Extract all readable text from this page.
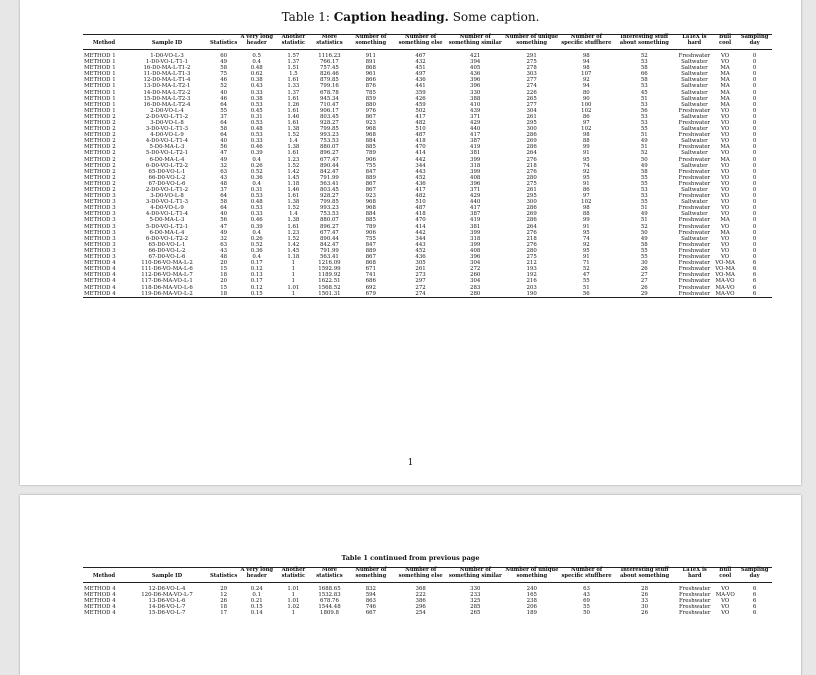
Table 1: Caption heading. Some caption.
Method	Sample ID	Statistics	A very long header	Another statistic	More statistics	Number of something	Number of something else	Number of something similar	Number of unique something	Number of specific stuffhere	Interesting stuff about something	LaTeX is hard	Bull cool	Sampling day
METHOD 1	1-D0-VO-L-3	60	0.5	1.57	1116.23	911	467	421	291	98	52	Freshwater	VO	0
METHOD 1	1-D0-VO-L-T1-1	49	0.4	1.37	766.17	891	432	394	275	94	53	Saltwater	VO	0
METHOD 1	16-D0-MA-L-T1-2	58	0.48	1.51	757.45	868	451	405	278	98	58	Saltwater	MA	0
METHOD 1	11-D0-MA-L-T1-3	75	0.62	1.5	826.46	961	497	436	303	107	66	Saltwater	MA	0
METHOD 1	12-D0-MA-L-T1-4	46	0.38	1.61	879.85	866	436	396	277	92	58	Saltwater	MA	0
METHOD 1	13-D0-MA-L-T2-1	52	0.43	1.33	799.16	876	441	396	274	94	53	Saltwater	MA	0
METHOD 1	14-D0-MA-L-T2-2	40	0.33	1.37	678.78	785	359	330	226	80	45	Saltwater	MA	0
METHOD 1	15-D0-MA-L-T2-3	46	0.38	1.61	945.34	859	426	388	265	90	51	Saltwater	MA	0
METHOD 1	16-D0-MA-L-T2-4	64	0.53	1.26	710.47	880	459	410	277	100	53	Saltwater	MA	0
METHOD 1	2-D0-VO-L-4	55	0.45	1.61	906.17	976	502	439	304	102	56	Freshwater	VO	0
METHOD 2	2-D0-VO-L-T1-2	37	0.31	1.46	803.45	867	417	371	261	86	53	Saltwater	VO	0
METHOD 2	3-D0-VO-L-8	64	0.53	1.61	928.27	923	482	429	295	97	53	Freshwater	VO	0
METHOD 2	3-D0-VO-L-T1-3	58	0.48	1.38	799.85	968	510	440	300	102	55	Saltwater	VO	0
METHOD 2	4-D0-VO-L-9	64	0.53	1.52	993.23	968	487	417	286	98	51	Freshwater	VO	0
METHOD 2	4-D0-VO-L-T1-4	40	0.33	1.4	753.53	884	418	387	269	88	49	Saltwater	VO	0
METHOD 2	5-D0-MA-L-3	56	0.46	1.38	880.07	885	470	419	286	99	51	Freshwater	MA	0
METHOD 2	5-D0-VO-L-T2-1	47	0.39	1.61	896.27	789	414	381	264	91	52	Saltwater	VO	0
METHOD 2	6-D0-MA-L-4	49	0.4	1.23	677.47	906	442	399	276	95	50	Freshwater	MA	0
METHOD 2	6-D0-VO-L-T2-2	32	0.26	1.52	890.44	755	344	318	218	74	49	Saltwater	VO	0
METHOD 2	65-D0-VO-L-1	63	0.52	1.42	842.47	847	443	399	276	92	58	Freshwater	VO	0
METHOD 2	66-D0-VO-L-2	43	0.36	1.45	791.99	889	452	408	280	95	55	Freshwater	VO	0
METHOD 2	67-D0-VO-L-6	48	0.4	1.18	563.41	867	436	396	275	91	55	Freshwater	VO	0
METHOD 2	2-D0-VO-L-T1-2	37	0.31	1.46	803.45	867	417	371	261	86	53	Saltwater	VO	0
METHOD 3	3-D0-VO-L-8	64	0.53	1.61	928.27	923	482	429	295	97	53	Freshwater	VO	0
METHOD 3	3-D0-VO-L-T1-3	58	0.48	1.38	799.85	968	510	440	300	102	55	Saltwater	VO	0
METHOD 3	4-D0-VO-L-9	64	0.53	1.52	993.23	968	487	417	286	98	51	Freshwater	VO	0
METHOD 3	4-D0-VO-L-T1-4	40	0.33	1.4	753.53	884	418	387	269	88	49	Saltwater	VO	0
METHOD 3	5-D0-MA-L-3	56	0.46	1.38	880.07	885	470	419	286	99	51	Freshwater	MA	0
METHOD 3	5-D0-VO-L-T2-1	47	0.39	1.61	896.27	789	414	381	264	91	52	Freshwater	VO	0
METHOD 3	6-D0-MA-L-4	49	0.4	1.23	677.47	906	442	399	276	95	50	Freshwater	MA	0
METHOD 3	6-D0-VO-L-T2-2	32	0.26	1.52	890.44	755	344	318	218	74	49	Saltwater	VO	0
METHOD 3	65-D0-VO-L-1	63	0.52	1.42	842.47	847	443	399	276	92	58	Freshwater	VO	0
METHOD 3	66-D0-VO-L-2	43	0.36	1.45	791.99	889	452	408	280	95	55	Freshwater	VO	0
METHOD 3	67-D0-VO-L-6	48	0.4	1.18	563.41	867	436	396	275	91	55	Freshwater	VO	0
METHOD 4	110-D6-VO-MA-L-2	20	0.17	1	1216.09	868	305	304	212	71	30	Freshwater	VO-MA	6
METHOD 4	111-D6-VO-MA-L-6	15	0.12	1	1592.99	671	261	272	193	52	26	Freshwater	VO-MA	6
METHOD 4	112-D6-VO-MA-L-7	18	0.13	1	1189.92	741	273	260	192	47	27	Freshwater	VO-MA	6
METHOD 4	117-D6-MA-VO-L-1	20	0.17	1	1622.51	686	297	304	216	55	27	Freshwater	MA-VO	6
METHOD 4	118-D6-MA-VO-L-6	15	0.12	1.01	1568.52	692	272	283	203	51	26	Freshwater	MA-VO	6
METHOD 4	119-D6-MA-VO-L-2	18	0.15	1	1501.31	679	274	280	190	56	29	Freshwater	MA-VO	6
1
Table 1 continued from previous page
Method	Sample ID	Statistics	A very long header	Another statistic	More statistics	Number of something	Number of something else	Number of something similar	Number of unique something	Number of specific stuffhere	Interesting stuff about something	LaTeX is hard	Bull cool	Sampling day
METHOD 4	12-D6-VO-L-4	29	0.24	1.01	1688.65	832	368	330	240	63	28	Freshwater	VO	6
METHOD 4	120-D6-MA-VO-L-7	12	0.1	1	1532.83	594	222	233	165	43	26	Freshwater	MA-VO	6
METHOD 4	13-D6-VO-L-6	26	0.21	1.01	678.76	863	386	325	238	69	33	Freshwater	VO	6
METHOD 4	14-D6-VO-L-7	18	0.15	1.02	1544.48	746	296	285	206	55	30	Freshwater	VO	6
METHOD 4	15-D6-VO-L-7	17	0.14	1	1809.8	667	254	265	189	50	26	Freshwater	VO	6
